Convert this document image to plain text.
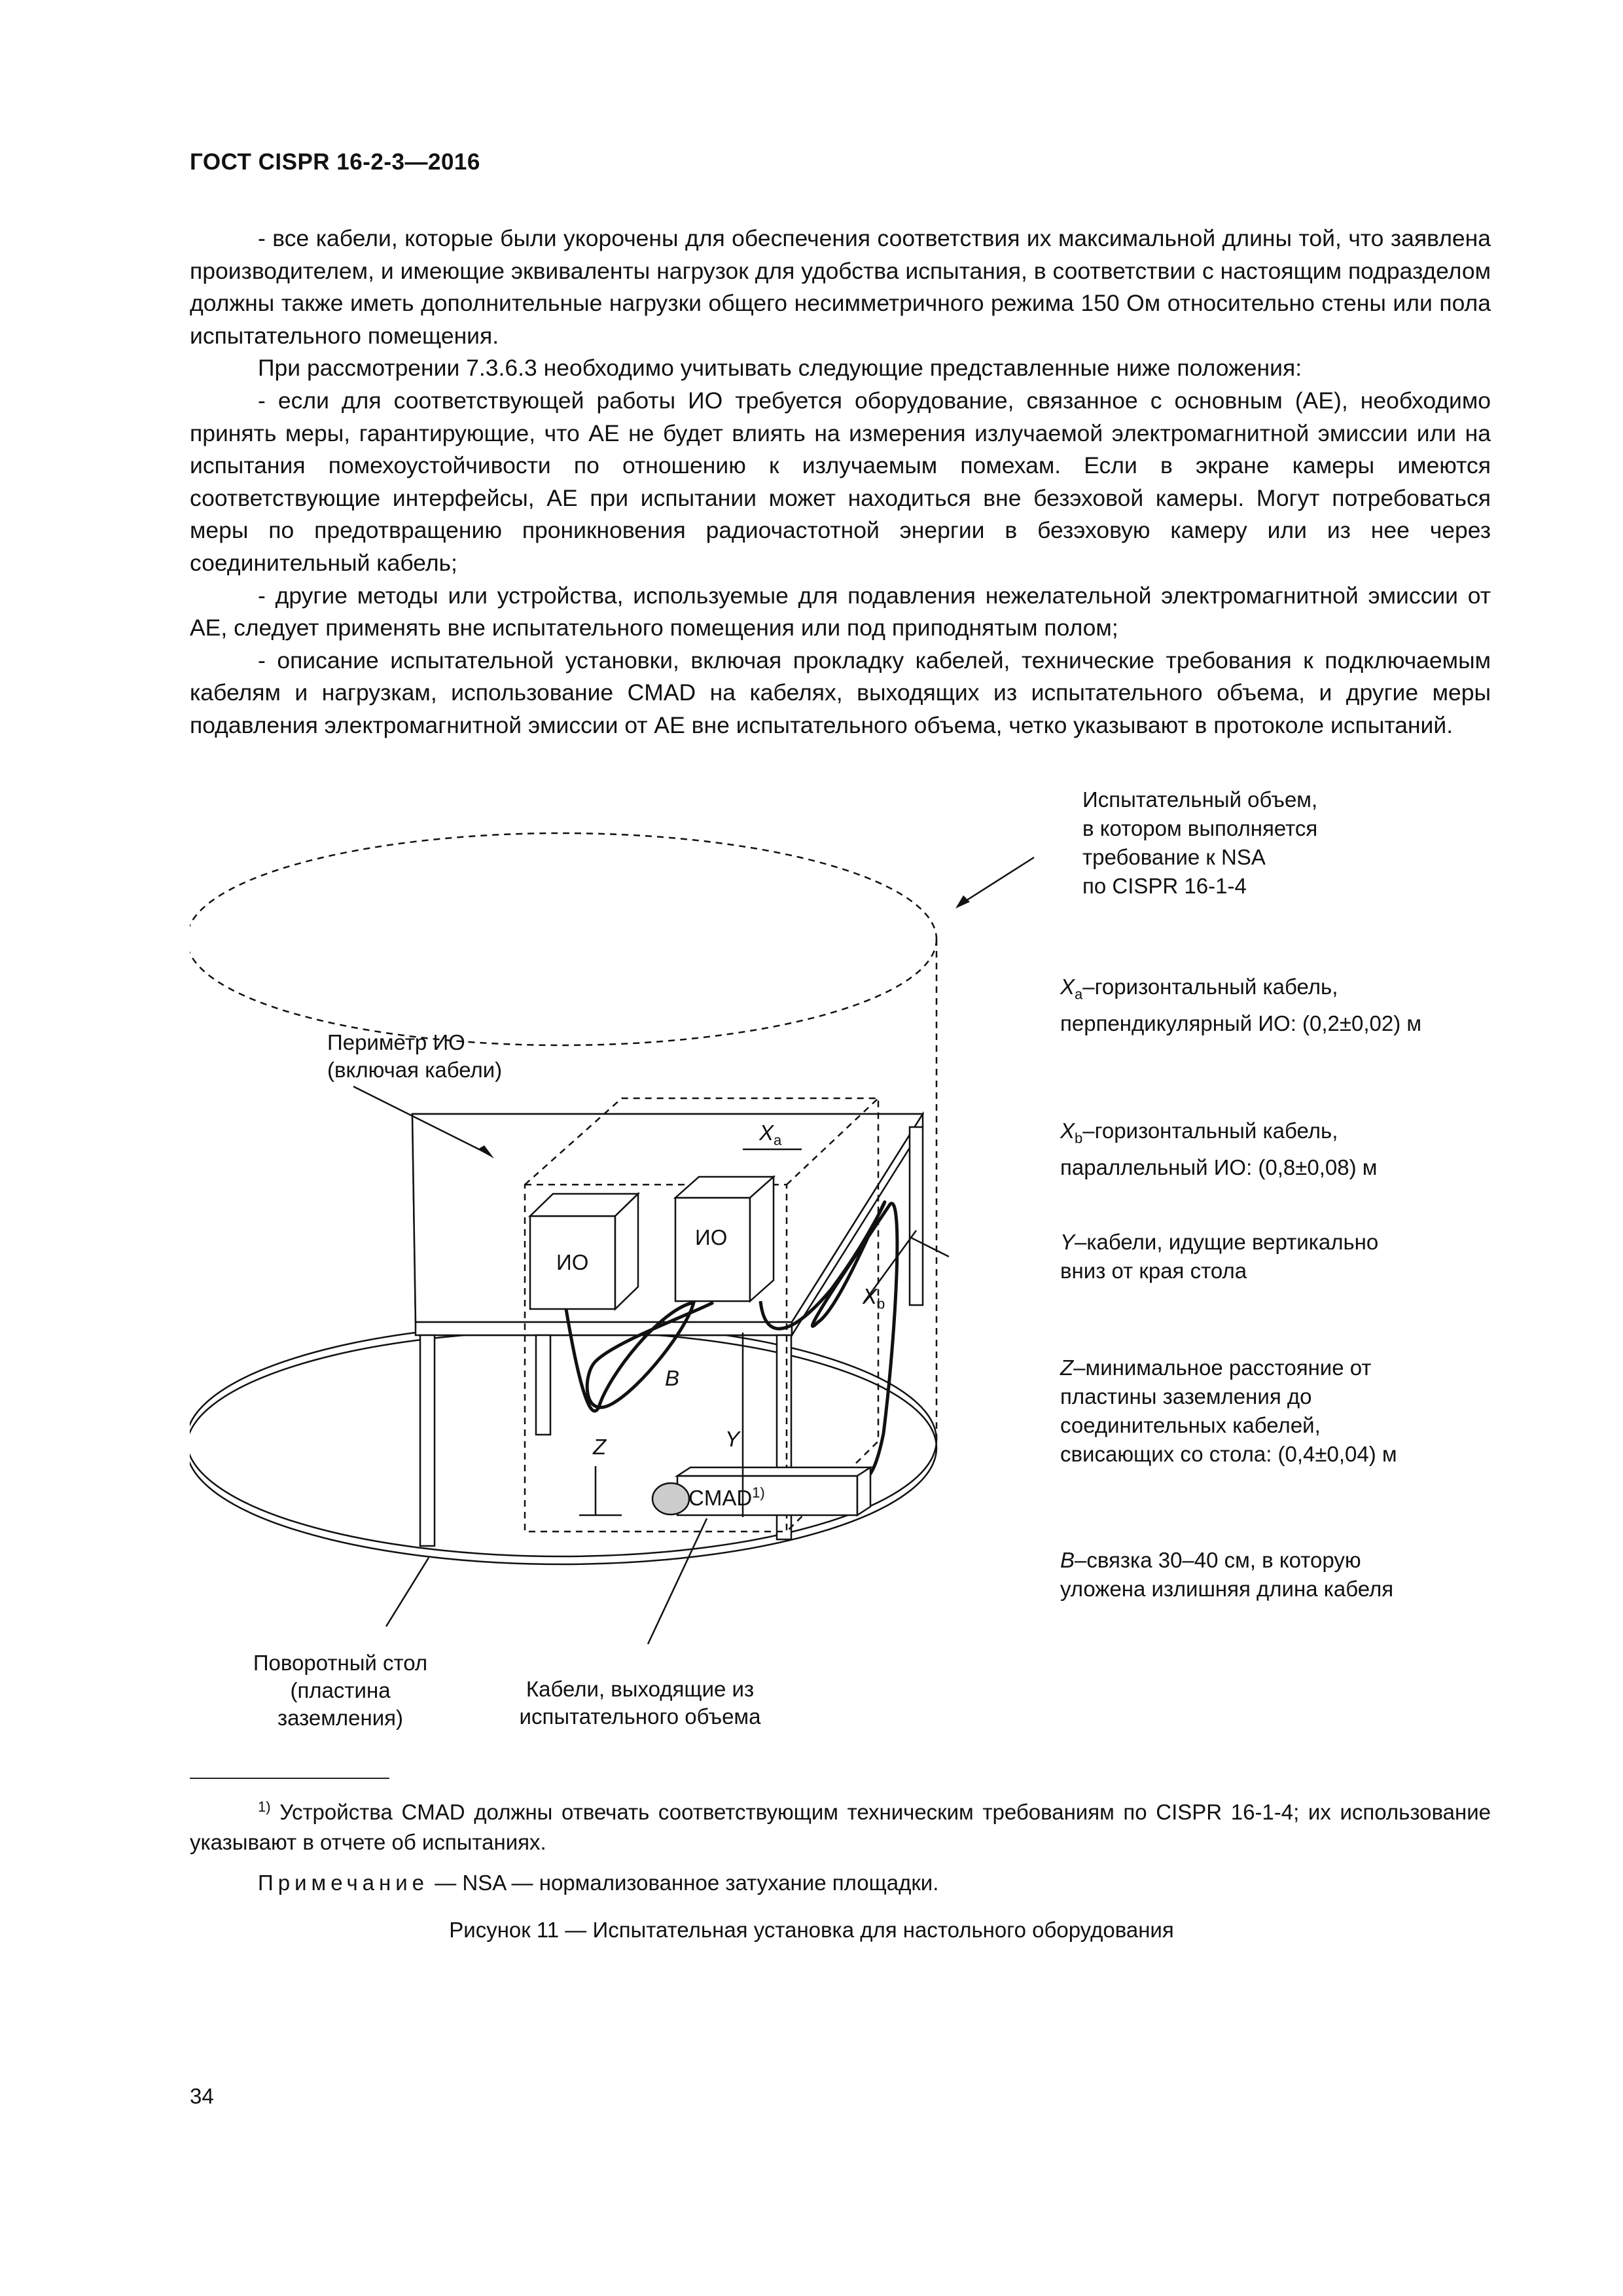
ГОСТ CISPR 16-2-3—2016

- все кабели, которые были укорочены для обеспечения соответствия их максимальной длины той, что заявлена производителем, и имеющие эквиваленты нагрузок для удобства испытания, в соответствии с настоящим подразделом должны также иметь дополнительные нагрузки общего несимметричного режима 150 Ом относительно стены или пола испытательного помещения.

При рассмотрении 7.3.6.3 необходимо учитывать следующие представленные ниже положения:

- если для соответствующей работы ИО требуется оборудование, связанное с основным (АЕ), необходимо принять меры, гарантирующие, что АЕ не будет влиять на измерения излучаемой электромагнитной эмиссии или на испытания помехоустойчивости по отношению к излучаемым помехам. Если в экране камеры имеются соответствующие интерфейсы, АЕ при испытании может находиться вне безэховой камеры. Могут потребоваться меры по предотвращению проникновения радиочастотной энергии в безэховую камеру или из нее через соединительный кабель;

- другие методы или устройства, используемые для подавления нежелательной электромагнитной эмиссии от АЕ, следует применять вне испытательного помещения или под приподнятым полом;

- описание испытательной установки, включая прокладку кабелей, технические требования к подключаемым кабелям и нагрузкам, использование CMAD на кабелях, выходящих из испытательного объема, и другие меры подавления электромагнитной эмиссии от АЕ вне испытательного объема, четко указывают в протоколе испытаний.

ИО
ИО
CMAD$^{1)}$
$X_a$
$X_b$
Y
Z
B

Периметр ИО

(включая кабели)

Поворотный стол

(пластина

заземления)

Кабели, выходящие из

испытательного объема

Испытательный объем,

в котором выполняется

требование к NSA

по CISPR 16-1-4

$X_a$–горизонтальный кабель,

перпендикулярный ИО: (0,2±0,02) м

$X_b$–горизонтальный кабель,

параллельный ИО: (0,8±0,08) м

Y–кабели, идущие вертикально

вниз от края стола

Z–минимальное расстояние от

пластины заземления до

соединительных кабелей,

свисающих со стола: (0,4±0,04) м

B–связка 30–40 см, в которую

уложена излишняя длина кабеля

$^{1)}$ Устройства CMAD должны отвечать соответствующим техническим требованиям по CISPR 16-1-4; их использование указывают в отчете об испытаниях.

Примечание — NSA — нормализованное затухание площадки.
Рисунок 11 — Испытательная установка для настольного оборудования
34
